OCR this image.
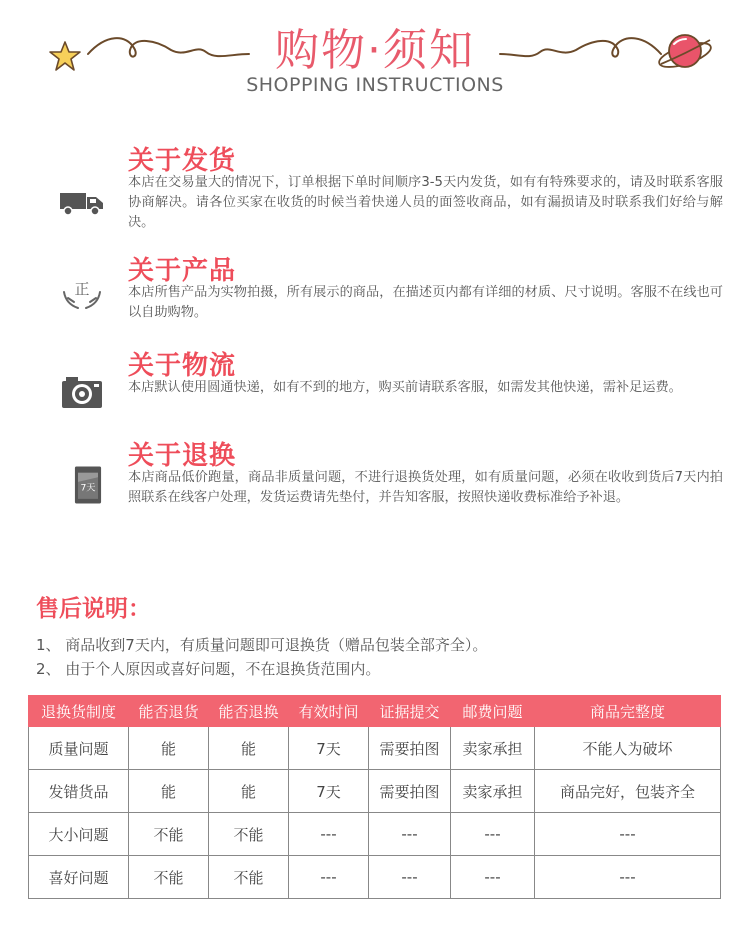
购物·须知
SHOPPING INSTRUCTIONS
关于发货
本店在交易量大的情况下，订单根据下单时间顺序3-5天内发货，如有有特殊要求的，请及时联系客服协商解决。请各位买家在收货的时候当着快递人员的面签收商品，如有漏损请及时联系我们好给与解决。
正
关于产品
本店所售产品为实物拍摄，所有展示的商品，在描述页内都有详细的材质、尺寸说明。客服不在线也可以自助购物。
关于物流
本店默认使用圆通快递，如有不到的地方，购买前请联系客服，如需发其他快递，需补足运费。
7天
关于退换
本店商品低价跑量，商品非质量问题，不进行退换货处理，如有质量问题，必须在收收到货后7天内拍照联系在线客户处理，发货运费请先垫付，并告知客服，按照快递收费标准给予补退。
售后说明：
1、 商品收到7天内，有质量问题即可退换货（赠品包装全部齐全）。
2、 由于个人原因或喜好问题，不在退换货范围内。
退换货制度	能否退货	能否退换	有效时间	证据提交	邮费问题	商品完整度
质量问题	能	能	7天	需要拍图	卖家承担	不能人为破坏
发错货品	能	能	7天	需要拍图	卖家承担	商品完好，包装齐全
大小问题	不能	不能	---	---	---	---
喜好问题	不能	不能	---	---	---	---
